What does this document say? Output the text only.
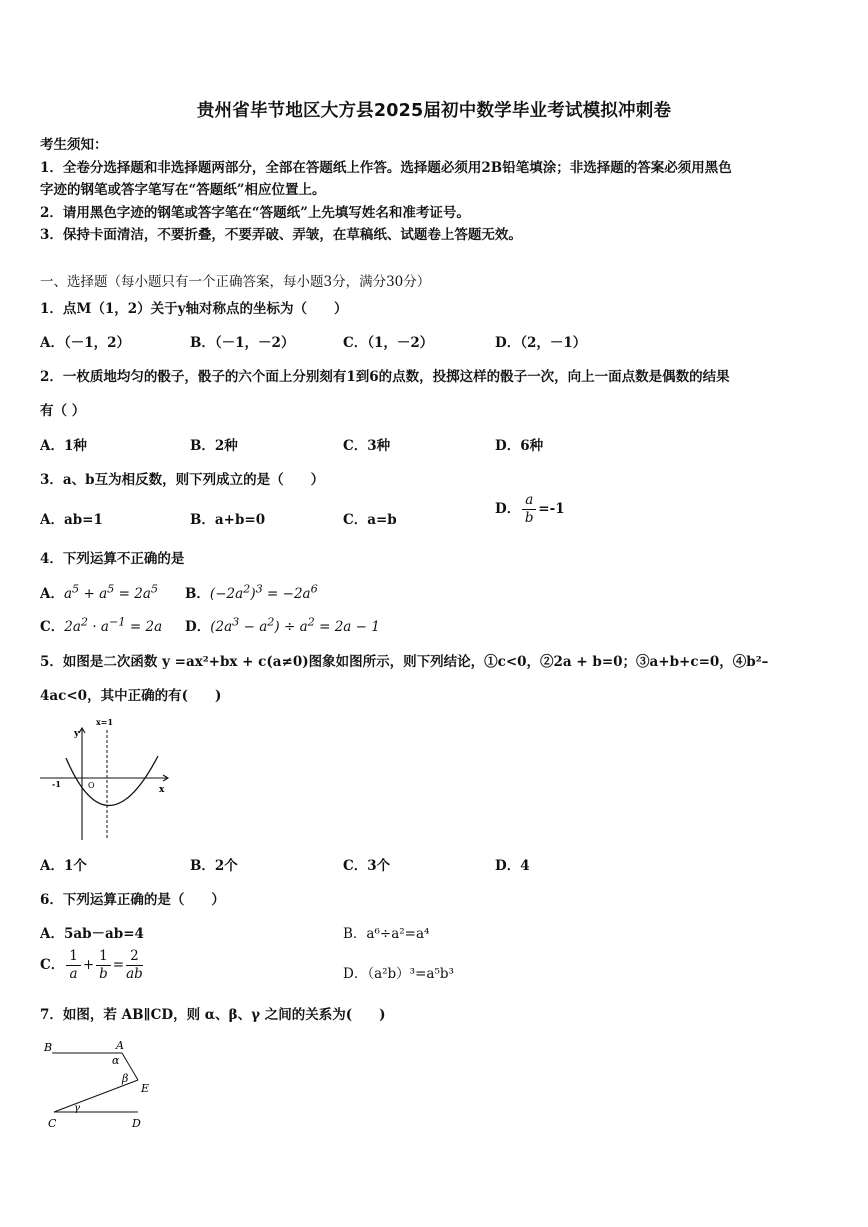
贵州省毕节地区大方县2025届初中数学毕业考试模拟冲刺卷
考生须知：
1．全卷分选择题和非选择题两部分，全部在答题纸上作答。选择题必须用2B铅笔填涂；非选择题的答案必须用黑色
字迹的钢笔或答字笔写在“答题纸”相应位置上。
2．请用黑色字迹的钢笔或答字笔在“答题纸”上先填写姓名和准考证号。
3．保持卡面清洁，不要折叠，不要弄破、弄皱，在草稿纸、试题卷上答题无效。
一、选择题（每小题只有一个正确答案，每小题3分，满分30分）
1．点M（1，2）关于y轴对称点的坐标为（　　）
A．（－1，2）	B．（－1，－2）	C．（1，－2）	D．（2，－1）
2．一枚质地均匀的骰子，骰子的六个面上分别刻有1到6的点数，投掷这样的骰子一次，向上一面点数是偶数的结果
有（ ）
A．1种	B．2种	C．3种	D．6种
3．a、b互为相反数，则下列成立的是（　　）
A．ab=1	B．a+b=0	C．a=b
D． $\frac{a}{b} =-1$
4．下列运算不正确的是
A．$a^5 + a^5 = 2a^5$ B．$(-2a^2)^3 = -2a^6$
C．$2a^2 \cdot a^{-1} = 2a$ D．$(2a^3 - a^2) \div a^2 = 2a - 1$
5．如图是二次函数 y =ax²+bx + c(a≠0)图象如图所示，则下列结论，①c<0，②2a + b=0；③a+b+c=0，④b²–
4ac<0，其中正确的有(　　)
x=1
y
x
O
-1
A．1个	B．2个	C．3个	D．4
6．下列运算正确的是（　　）
A．5ab－ab=4	B．a⁶÷a²=a⁴
C． $\frac{1}{a} + \frac{1}{b} = \frac{2}{ab}$	D．（a²b）³=a⁵b³
7．如图，若 AB∥CD，则 α、β、γ 之间的关系为(　　)
B	A
α
β
E
γ
C	D
